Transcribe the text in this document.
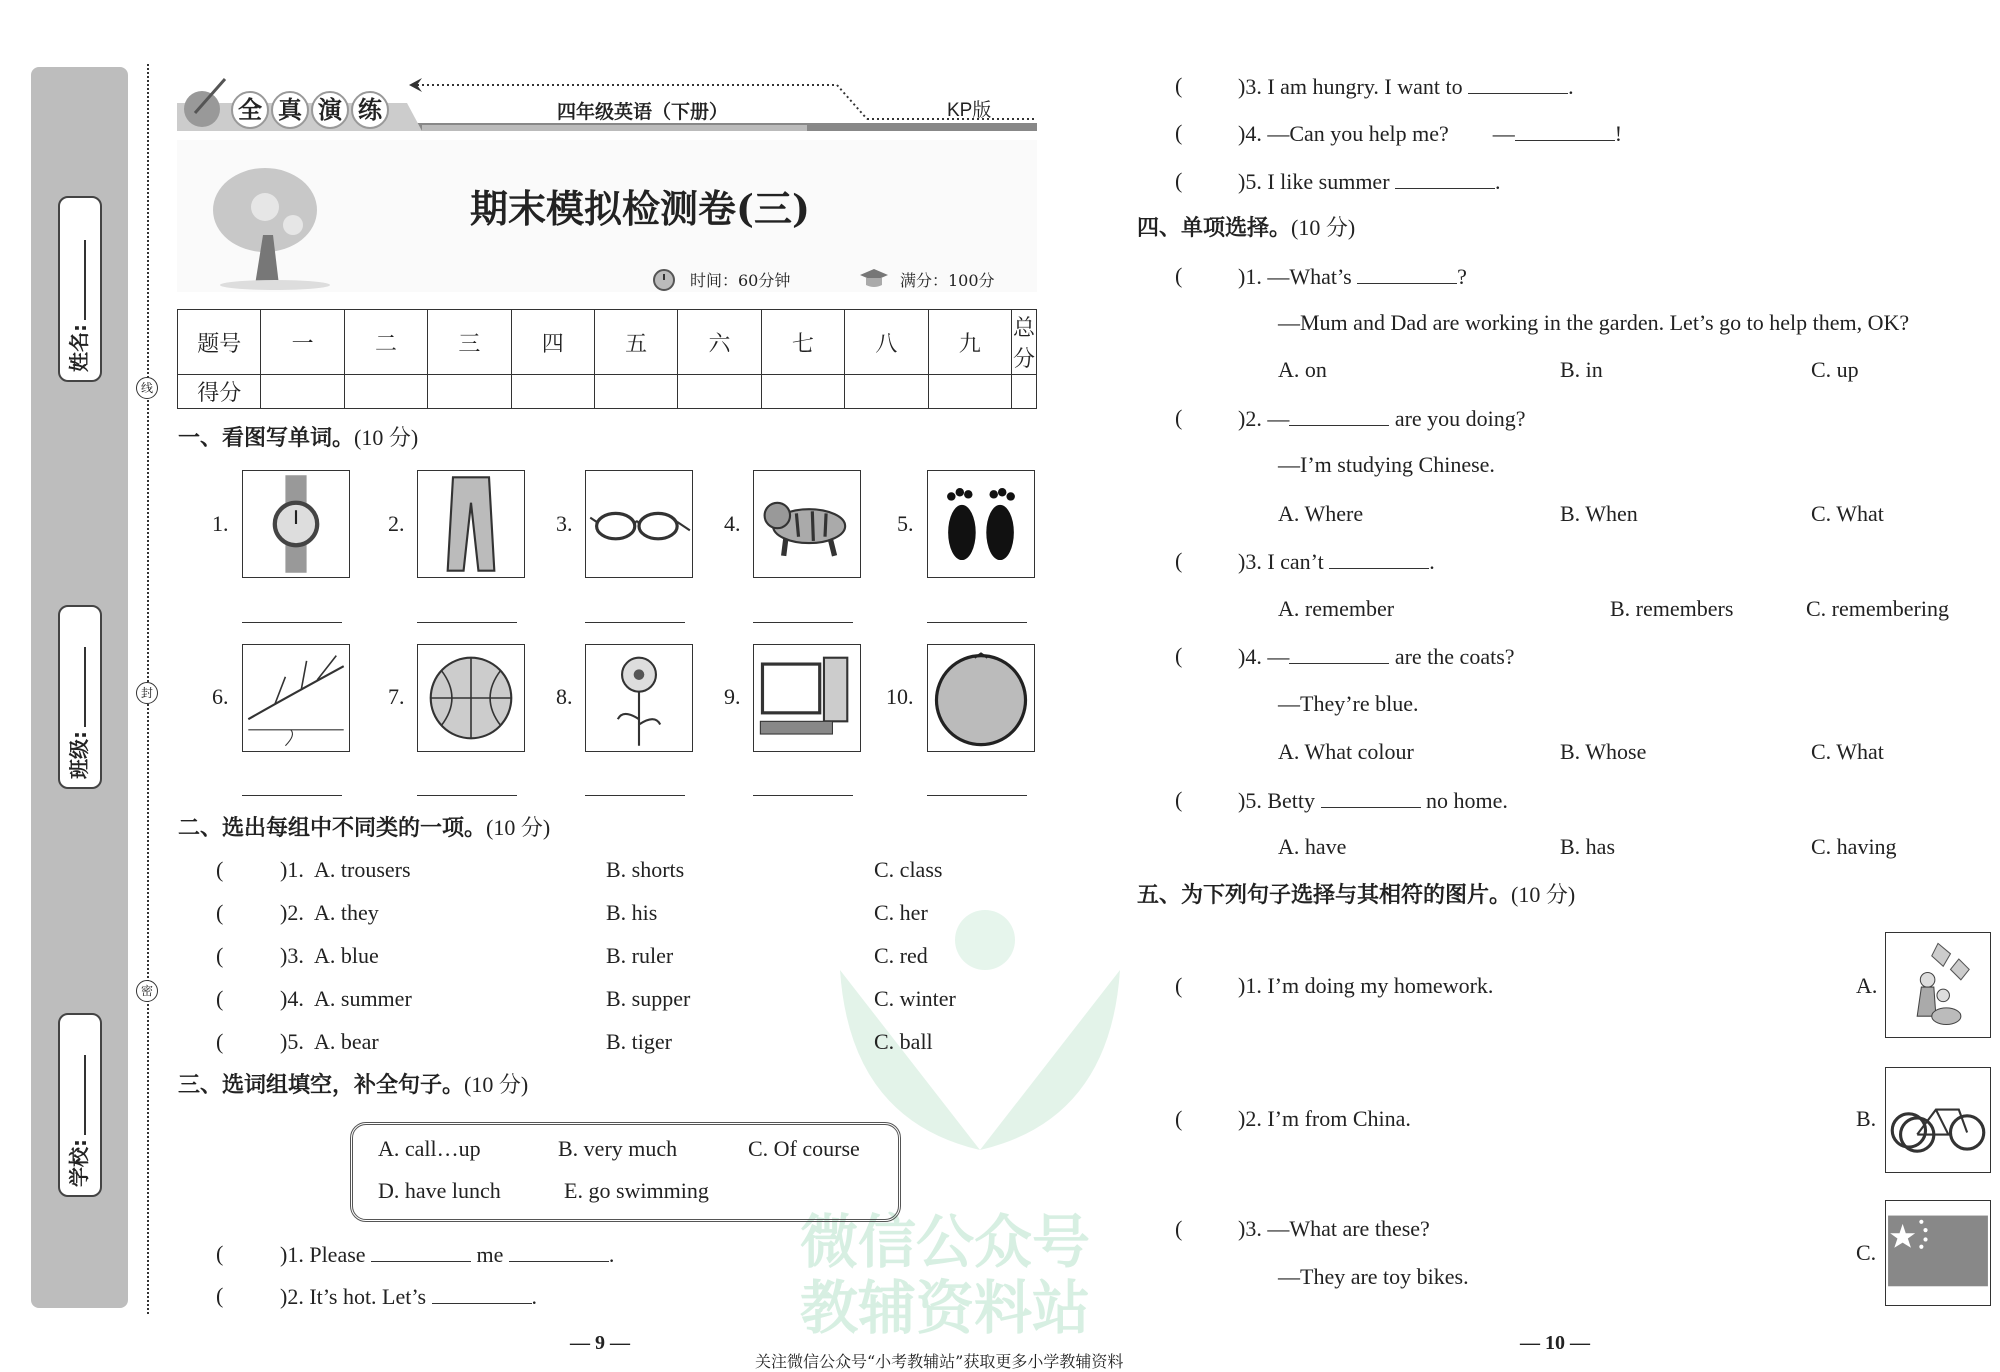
微信公众号
教辅资料站
姓名:
班级:
学校:
线
封
密
全 真 演 练	四年级英语（下册）	KP版
期末模拟检测卷(三)
时间：60分钟	满分：100分
题号	一	二	三	四	五	六	七	八	九	总分
得分										
一、看图写单词。(10 分)
1.	2.	3.	4.	5.
6.	7.	8.	9.	10.
二、选出每组中不同类的一项。(10 分)
(	)1. A. trousers	B. shorts	C. class
(	)2. A. they	B. his	C. her
(	)3. A. blue	B. ruler	C. red
(	)4. A. summer	B. supper	C. winter
(	)5. A. bear	B. tiger	C. ball
三、选词组填空，补全句子。(10 分)
A. call…up	B. very much	C. Of course
D. have lunch	E. go swimming
(	)1. Please	me	.
(	)2. It’s hot. Let’s	.
(	)3. I am hungry. I want to	.
(	)4. —Can you help me? —	!
(	)5. I like summer	.
四、单项选择。(10 分)
(	)1. —What’s	?
—Mum and Dad are working in the garden. Let’s go to help them, OK?
A. on	B. in	C. up
(	)2. —	are you doing?
—I’m studying Chinese.
A. Where	B. When	C. What
(	)3. I can’t	.
A. remember	B. remembers	C. remembering
(	)4. —	are the coats?
—They’re blue.
A. What colour	B. Whose	C. What
(	)5. Betty	no home.
A. have	B. has	C. having
五、为下列句子选择与其相符的图片。(10 分)
(	)1. I’m doing my homework.
(	)2. I’m from China.
(	)3. —What are these?
—They are toy bikes.
A.
B.
C.
— 9 —	— 10 —
关注微信公众号“小考教辅站”获取更多小学教辅资料
